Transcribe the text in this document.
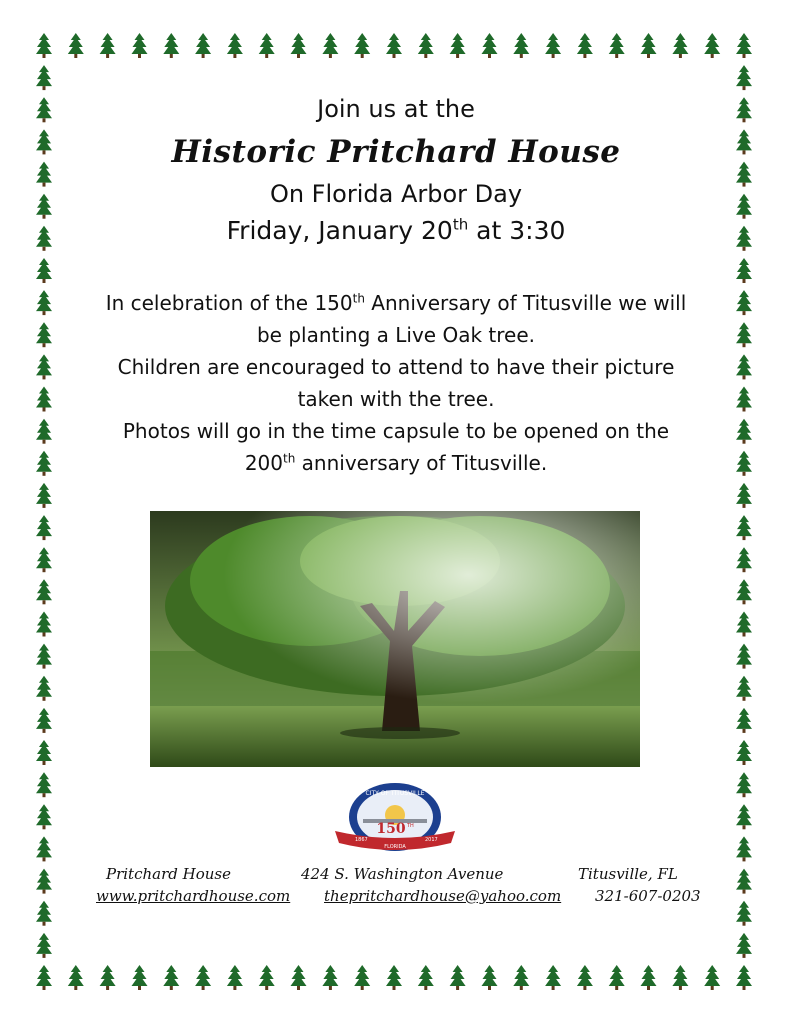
Join us at the
Historic Pritchard House
On Florida Arbor Day
Friday, January 20th at 3:30
In celebration of the 150th Anniversary of Titusville we will be planting a Live Oak tree.
Children are encouraged to attend to have their picture taken with the tree.
Photos will go in the time capsule to be opened on the 200th anniversary of Titusville.
CITY OF TITUSVILLE
1867	2017
150 TH
FLORIDA
Pritchard House	424 S. Washington Avenue	Titusville, FL
www.pritchardhouse.com thepritchardhouse@yahoo.com 321-607-0203
